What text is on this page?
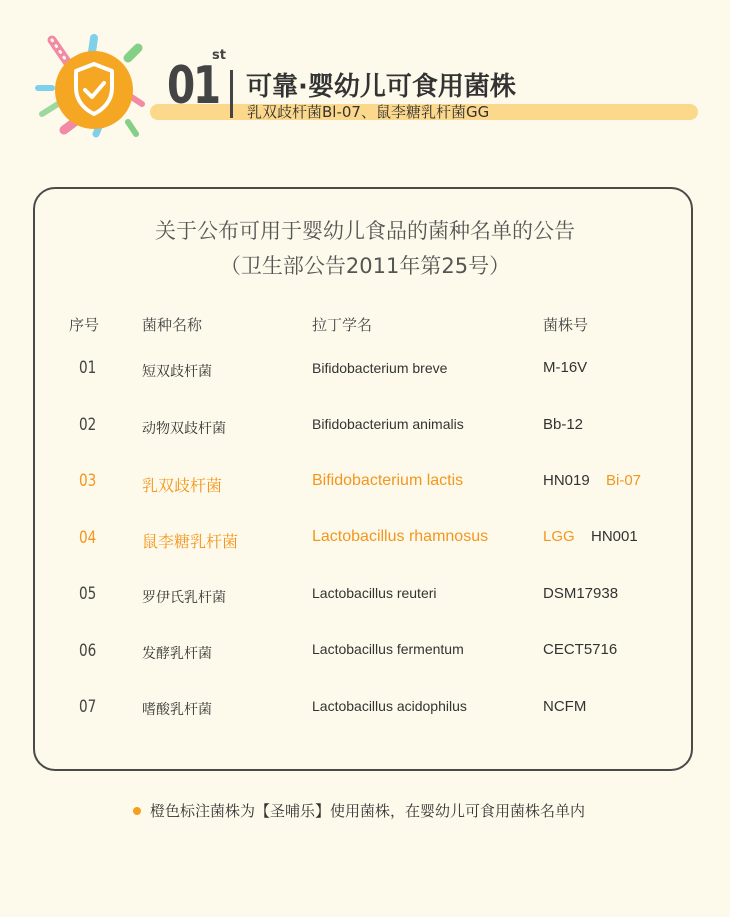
01
st
可靠·婴幼儿可食用菌株
乳双歧杆菌Bl-07、鼠李糖乳杆菌GG
关于公布可用于婴幼儿食品的菌种名单的公告
（卫生部公告2011年第25号）
序号	菌种名称	拉丁学名	菌株号
01	短双歧杆菌	Bifidobacterium breve	M-16V
02	动物双歧杆菌	Bifidobacterium animalis	Bb-12
03	乳双歧杆菌	Bifidobacterium lactis	HN019 Bi-07
04	鼠李糖乳杆菌	Lactobacillus rhamnosus	LGG HN001
05	罗伊氏乳杆菌	Lactobacillus reuteri	DSM17938
06	发酵乳杆菌	Lactobacillus fermentum	CECT5716
07	嗜酸乳杆菌	Lactobacillus acidophilus	NCFM
橙色标注菌株为【圣哺乐】使用菌株，在婴幼儿可食用菌株名单内
